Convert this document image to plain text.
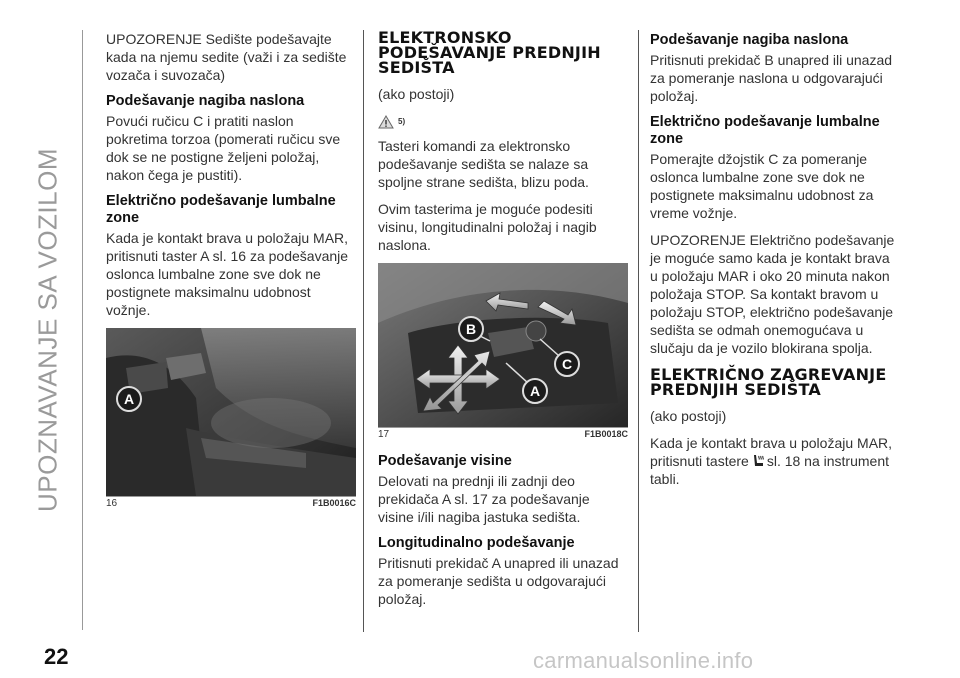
UPOZNAVANJE SA VOZILOM

UPOZORENJE Sedište podešavajte kada na njemu sedite (važi i za sedište vozača i suvozača)

Podešavanje nagiba naslona

Povući ručicu C i pratiti naslon pokretima torzoa (pomerati ručicu sve dok se ne postigne željeni položaj, nakon čega je pustiti).

Električno podešavanje lumbalne zone

Kada je kontakt brava u položaju MAR, pritisnuti taster A sl. 16 za podešavanje oslonca lumbalne zone sve dok ne postignete maksimalnu udobnost vožnje.

A
16	F1B0016C
ELEKTRONSKO PODEŠAVANJE PREDNJIH SEDIŠTA

(ako postoji)

5)

Tasteri komandi za elektronsko podešavanje sedišta se nalaze sa spoljne strane sedišta, blizu poda.

Ovim tasterima je moguće podesiti visinu, longitudinalni položaj i nagib naslona.

B
A
C
17	F1B0018C
Podešavanje visine

Delovati na prednji ili zadnji deo prekidača A sl. 17 za podešavanje visine i/ili nagiba jastuka sedišta.

Longitudinalno podešavanje

Pritisnuti prekidač A unapred ili unazad za pomeranje sedišta u odgovarajući položaj.

Podešavanje nagiba naslona

Pritisnuti prekidač B unapred ili unazad za pomeranje naslona u odgovarajući položaj.

Električno podešavanje lumbalne zone

Pomerajte džojstik C za pomeranje oslonca lumbalne zone sve dok ne postignete maksimalnu udobnost za vreme vožnje.

UPOZORENJE Električno podešavanje je moguće samo kada je kontakt brava u položaju MAR i oko 20 minuta nakon položaja STOP. Sa kontakt bravom u položaju STOP, električno podešavanje sedišta se odmah onemogućava u slučaju da je vozilo blokirana spolja.

ELEKTRIČNO ZAGREVANJE PREDNJIH SEDIŠTA

(ako postoji)

Kada je kontakt brava u položaju MAR, pritisnuti tastere sl. 18 na instrument tabli.

22	carmanualsonline.info
